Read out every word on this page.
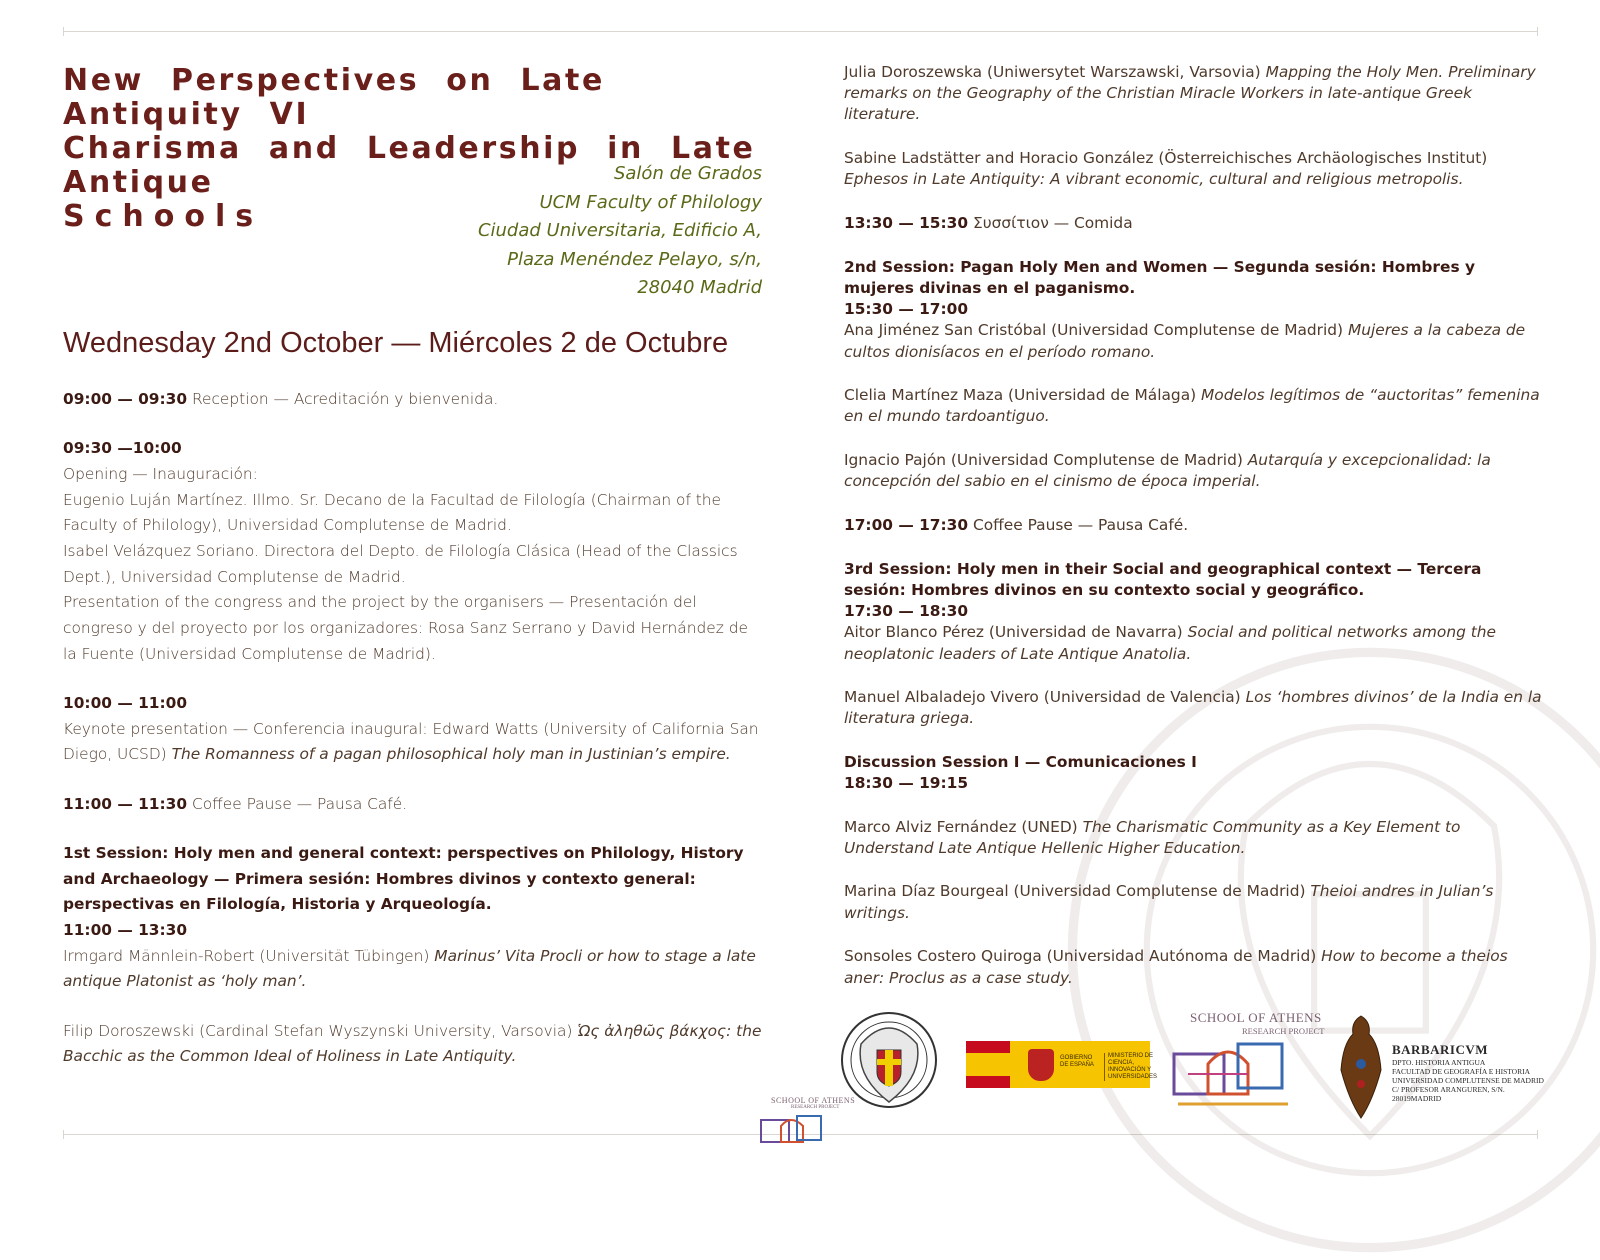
New Perspectives on Late Antiquity VI
Charisma and Leadership in Late Antique
Schools
Salón de Grados
UCM Faculty of Philology
Ciudad Universitaria, Edificio A,
Plaza Menéndez Pelayo, s/n,
28040 Madrid
Wednesday 2nd October — Miércoles 2 de Octubre
09:00 — 09:30 Reception — Acreditación y bienvenida.

09:30 —10:00

Opening — Inauguración:

Eugenio Luján Martínez. Illmo. Sr. Decano de la Facultad de Filología (Chairman of the Faculty of Philology), Universidad Complutense de Madrid.

Isabel Velázquez Soriano. Directora del Depto. de Filología Clásica (Head of the Classics Dept.), Universidad Complutense de Madrid.

Presentation of the congress and the project by the organisers — Presentación del congreso y del proyecto por los organizadores: Rosa Sanz Serrano y David Hernández de la Fuente (Universidad Complutense de Madrid).

10:00 — 11:00

Keynote presentation — Conferencia inaugural: Edward Watts (University of California San Diego, UCSD) The Romanness of a pagan philosophical holy man in Justinian’s empire.

11:00 — 11:30 Coffee Pause — Pausa Café.

1st Session: Holy men and general context: perspectives on Philology, History and Archaeology — Primera sesión: Hombres divinos y contexto general: perspectivas en Filología, Historia y Arqueología.

11:00 — 13:30

Irmgard Männlein-Robert (Universität Tübingen) Marinus’ Vita Procli or how to stage a late antique Platonist as ‘holy man’.

Filip Doroszewski (Cardinal Stefan Wyszynski University, Varsovia) Ὡς ἀληθῶς βάκχος: the Bacchic as the Common Ideal of Holiness in Late Antiquity.

Julia Doroszewska (Uniwersytet Warszawski, Varsovia) Mapping the Holy Men. Preliminary remarks on the Geography of the Christian Miracle Workers in late-antique Greek literature.

Sabine Ladstätter and Horacio González (Österreichisches Archäologisches Institut) Ephesos in Late Antiquity: A vibrant economic, cultural and religious metropolis.

13:30 — 15:30 Συσσίτιον — Comida

2nd Session: Pagan Holy Men and Women — Segunda sesión: Hombres y mujeres divinas en el paganismo.

15:30 — 17:00

Ana Jiménez San Cristóbal (Universidad Complutense de Madrid) Mujeres a la cabeza de cultos dionisíacos en el período romano.

Clelia Martínez Maza (Universidad de Málaga) Modelos legítimos de “auctoritas” femenina en el mundo tardoantiguo.

Ignacio Pajón (Universidad Complutense de Madrid) Autarquía y excepcionalidad: la concepción del sabio en el cinismo de época imperial.

17:00 — 17:30 Coffee Pause — Pausa Café.

3rd Session: Holy men in their Social and geographical context — Tercera sesión: Hombres divinos en su contexto social y geográfico.

17:30 — 18:30

Aitor Blanco Pérez (Universidad de Navarra) Social and political networks among the neoplatonic leaders of Late Antique Anatolia.

Manuel Albaladejo Vivero (Universidad de Valencia) Los ‘hombres divinos’ de la India en la literatura griega.

Discussion Session I — Comunicaciones I

18:30 — 19:15

Marco Alviz Fernández (UNED) The Charismatic Community as a Key Element to Understand Late Antique Hellenic Higher Education.

Marina Díaz Bourgeal (Universidad Complutense de Madrid) Theioi andres in Julian’s writings.

Sonsoles Costero Quiroga (Universidad Autónoma de Madrid) How to become a theios aner: Proclus as a case study.

GOBIERNO DE ESPAÑA
MINISTERIO DE CIENCIA, INNOVACIÓN Y UNIVERSIDADES
SCHOOL OF ATHENS
RESEARCH PROJECT
SCHOOL OF ATHENS
RESEARCH PROJECT
BARBARICVM
DPTO. HISTORIA ANTIGUA
FACULTAD DE GEOGRAFÍA E HISTORIA
UNIVERSIDAD COMPLUTENSE DE MADRID
C/ PROFESOR ARANGUREN, S/N.
28019MADRID
